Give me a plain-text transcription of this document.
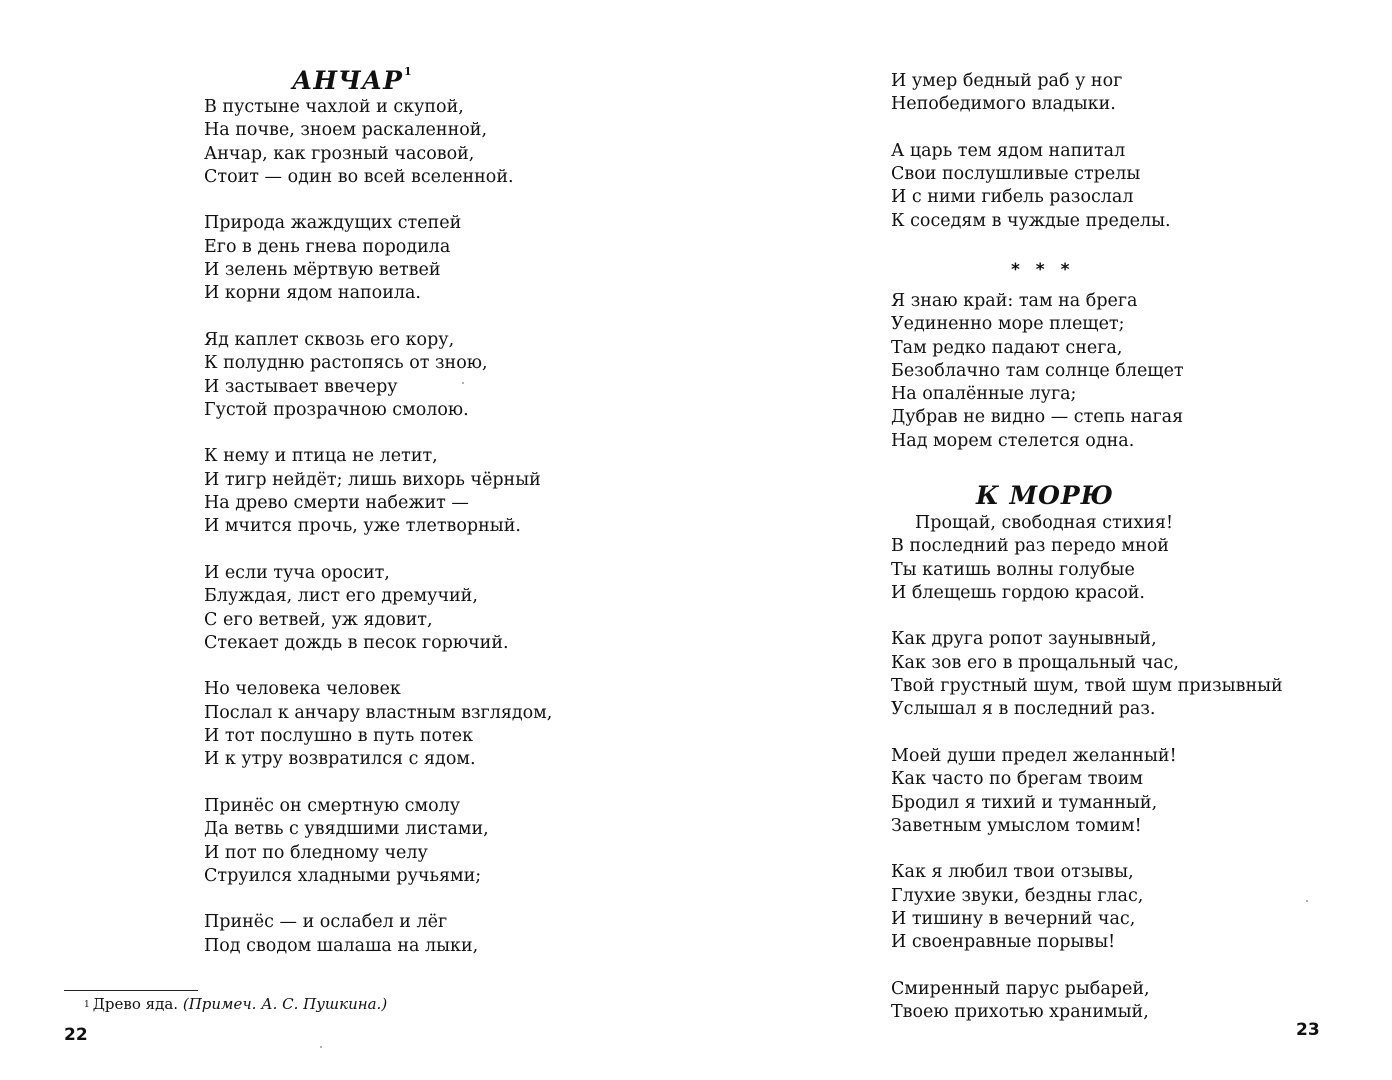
АНЧАР$^1$
В пустыне чахлой и скупой,
На почве, зноем раскаленной,
Анчар, как грозный часовой,
Стоит — один во всей вселенной.
Природа жаждущих степей
Его в день гнева породила
И зелень мёртвую ветвей
И корни ядом напоила.
Яд каплет сквозь его кору,
К полудню растопясь от зною,
И застывает ввечеру
Густой прозрачною смолою.
К нему и птица не летит,
И тигр нейдёт; лишь вихорь чёрный
На древо смерти набежит —
И мчится прочь, уже тлетворный.
И если туча оросит,
Блуждая, лист его дремучий,
С его ветвей, уж ядовит,
Стекает дождь в песок горючий.
Но человека человек
Послал к анчару властным взглядом,
И тот послушно в путь потек
И к утру возвратился с ядом.
Принёс он смертную смолу
Да ветвь с увядшими листами,
И пот по бледному челу
Струился хладными ручьями;
Принёс — и ослабел и лёг
Под сводом шалаша на лыки,
$^1$ Древо яда. (Примеч. А. С. Пушкина.)
22
И умер бедный раб у ног
Непобедимого владыки.
А царь тем ядом напитал
Свои послушливые стрелы
И с ними гибель разослал
К соседям в чуждые пределы.
* * *
Я знаю край: там на брега
Уединенно море плещет;
Там редко падают снега,
Безоблачно там солнце блещет
На опалённые луга;
Дубрав не видно — степь нагая
Над морем стелется одна.
К МОРЮ
Прощай, свободная стихия!
В последний раз передо мной
Ты катишь волны голубые
И блещешь гордою красой.
Как друга ропот заунывный,
Как зов его в прощальный час,
Твой грустный шум, твой шум призывный
Услышал я в последний раз.
Моей души предел желанный!
Как часто по брегам твоим
Бродил я тихий и туманный,
Заветным умыслом томим!
Как я любил твои отзывы,
Глухие звуки, бездны глас,
И тишину в вечерний час,
И своенравные порывы!
Смиренный парус рыбарей,
Твоею прихотью хранимый,
23
